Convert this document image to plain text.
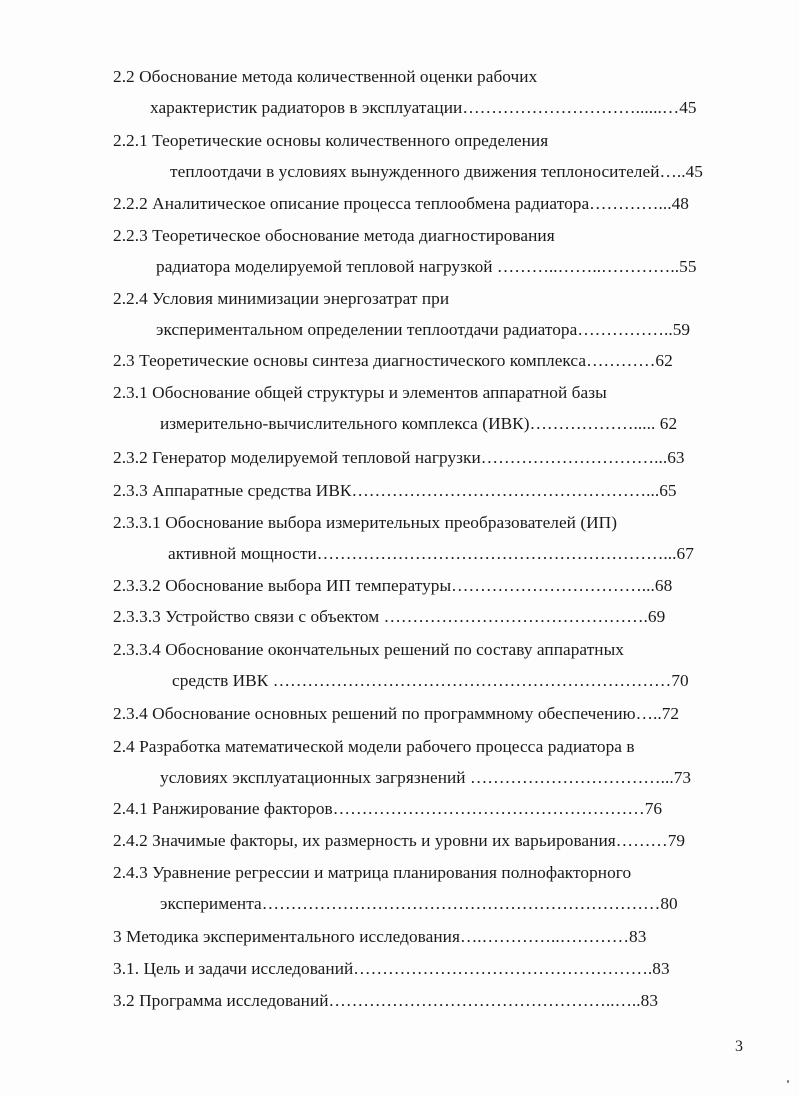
2.2 Обоснование метода количественной оценки рабочих
характеристик радиаторов в эксплуатации…………………………......…45
2.2.1 Теоретические основы количественного определения
теплоотдачи в условиях вынужденного движения теплоносителей…..45
2.2.2 Аналитическое описание процесса теплообмена радиатора…………...48
2.2.3 Теоретическое обоснование метода диагностирования
радиатора моделируемой тепловой нагрузкой ………..……..…………..55
2.2.4 Условия минимизации энергозатрат при
экспериментальном определении теплоотдачи радиатора……………..59
2.3 Теоретические основы синтеза диагностического комплекса…………62
2.3.1 Обоснование общей структуры и элементов аппаратной базы
измерительно-вычислительного комплекса (ИВК)………………..... 62
2.3.2 Генератор моделируемой тепловой нагрузки…………………………...63
2.3.3 Аппаратные средства ИВК……………………………………………...65
2.3.3.1 Обоснование выбора измерительных преобразователей (ИП)
активной мощности……………………………………………………...67
2.3.3.2 Обоснование выбора ИП температуры……………………………...68
2.3.3.3 Устройство связи с объектом ……………………………………….69
2.3.3.4 Обоснование окончательных решений по составу аппаратных
средств ИВК ……………………………………………………………70
2.3.4 Обоснование основных решений по программному обеспечению…..72
2.4 Разработка математической модели рабочего процесса радиатора в
условиях эксплуатационных загрязнений ……………………………...73
2.4.1 Ранжирование факторов………………………………………………76
2.4.2 Значимые факторы, их размерность и уровни их варьирования………79
2.4.3 Уравнение регрессии и матрица планирования полнофакторного
эксперимента……………………………………………………………80
3 Методика экспериментального исследования….…………..…………83
3.1. Цель и задачи исследований…………………………………………….83
3.2 Программа исследований…………………………………………..…..83
3
